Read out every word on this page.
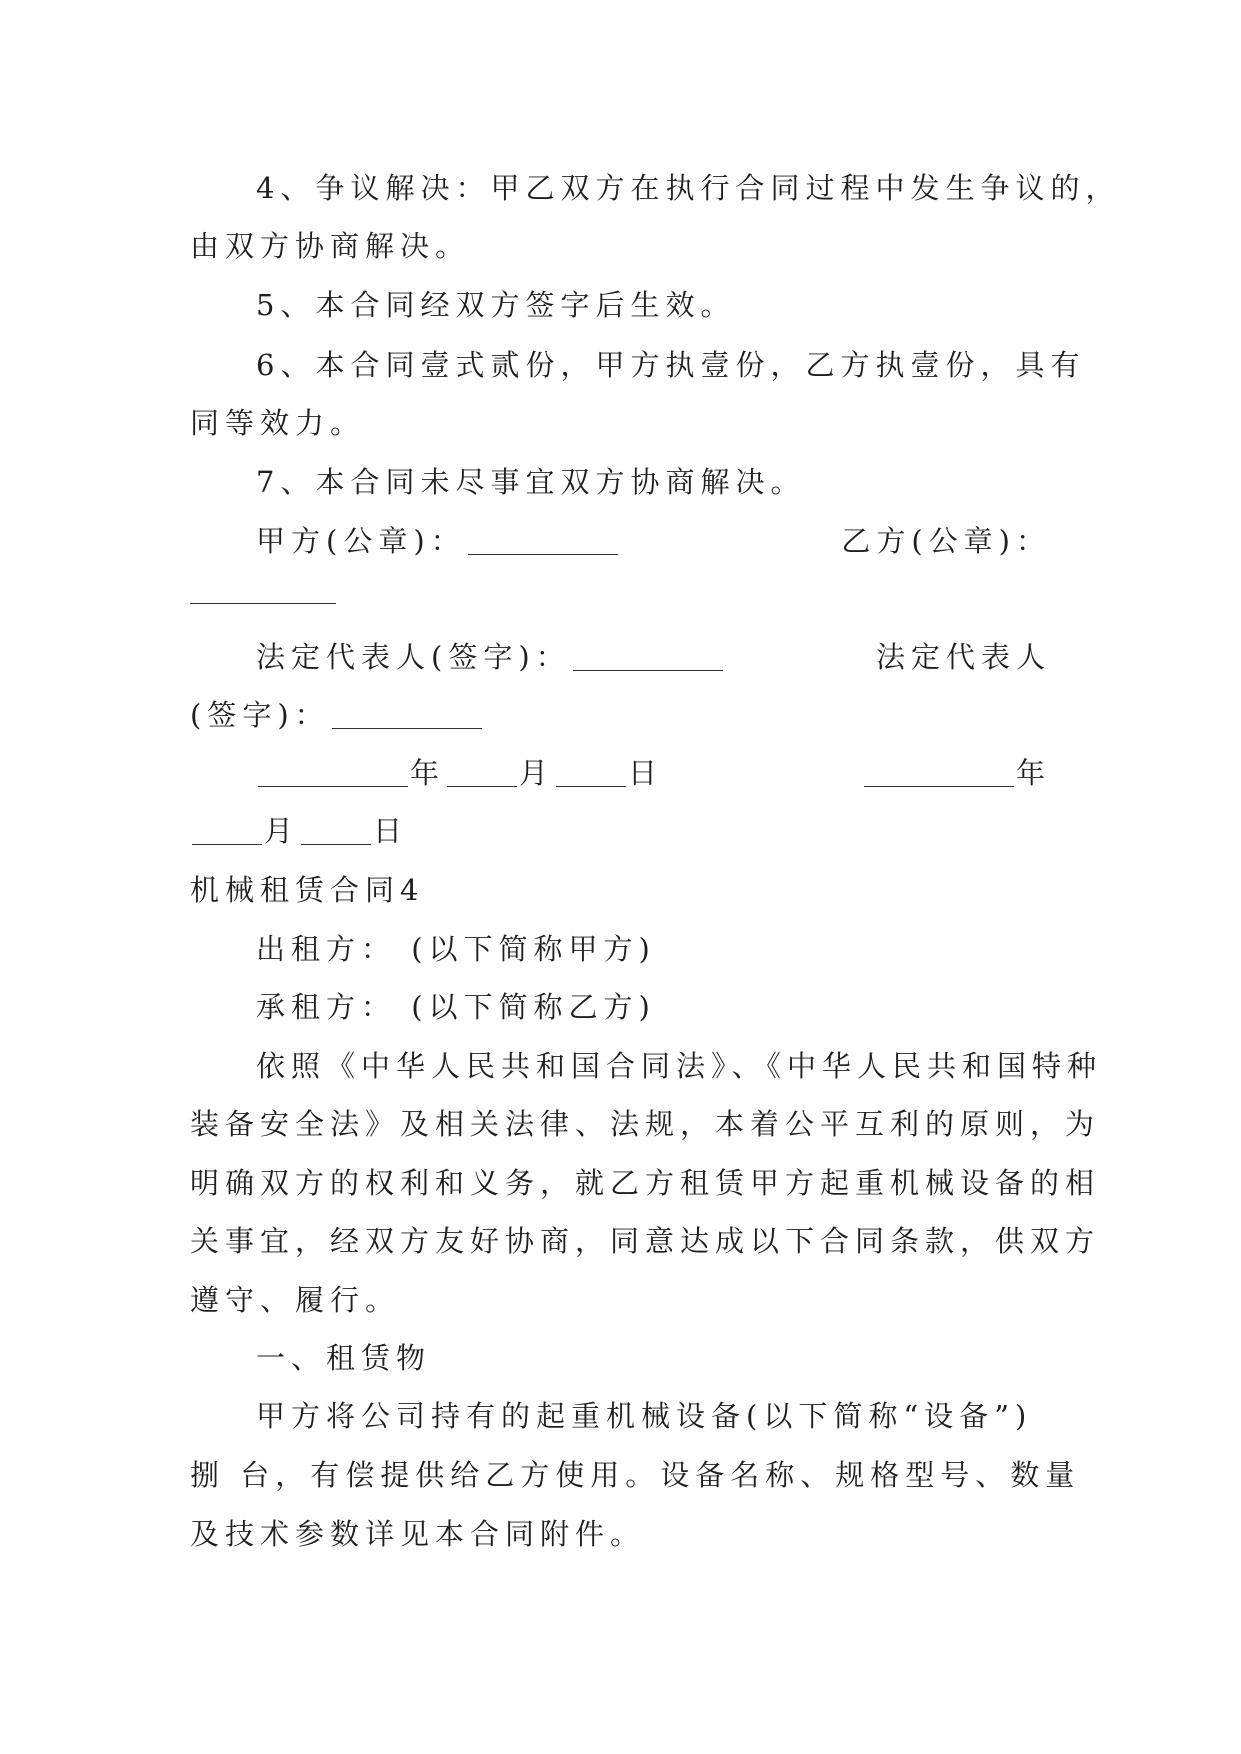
4、争议解决：甲乙双方在执行合同过程中发生争议的，
由双方协商解决。
5、本合同经双方签字后生效。
6、本合同壹式贰份，甲方执壹份，乙方执壹份，具有
同等效力。
7、本合同未尽事宜双方协商解决。
甲方(公章)：	乙方(公章)：
法定代表人(签字)：	法定代表人
(签字)：
年	月	日	年
月	日
机械租赁合同4
出租方： (以下简称甲方)
承租方： (以下简称乙方)
依照《中华人民共和国合同法》、《中华人民共和国特种
装备安全法》及相关法律、法规，本着公平互利的原则，为
明确双方的权利和义务，就乙方租赁甲方起重机械设备的相
关事宜，经双方友好协商，同意达成以下合同条款，供双方
遵守、履行。
一、租赁物
甲方将公司持有的起重机械设备(以下简称“设备”)
捌 台，有偿提供给乙方使用。设备名称、规格型号、数量
及技术参数详见本合同附件。
